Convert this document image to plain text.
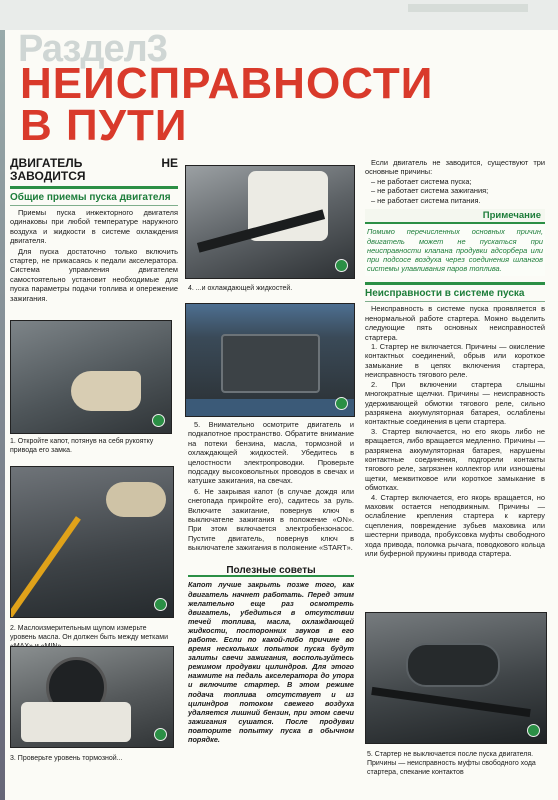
Раздел3
НЕИСПРАВНОСТИ
В ПУТИ
ДВИГАТЕЛЬ НЕ ЗАВОДИТСЯ
Общие приемы пуска двигателя
Приемы пуска инжекторного двигателя одинаковы при любой температуре наружного воздуха и жидкости в системе охлаждения двигателя.
Для пуска достаточно только включить стартер, не прикасаясь к педали акселератора. Система управления двигателем самостоятельно установит необходимые для пуска параметры подачи топлива и опережение зажигания.
1. Откройте капот, потянув на себя рукоятку привода его замка.
2. Маслоизмерительным щупом измерьте уровень масла. Он должен быть между метками
3. Проверьте уровень тормозной...
4. ...и охлаждающей жидкостей.
5. Внимательно осмотрите двигатель и подкапотное пространство. Обратите внимание на потеки бензина, масла, тормозной и охлаждающей жидкостей. Убедитесь в целостности электропроводки. Проверьте подсадку высоковольтных проводов в свечах и катушке зажигания, на свечах.
6. Не закрывая капот (в случае дождя или снегопада прикройте его), садитесь за руль. Включите зажигание, повернув ключ в выключателе зажигания в положение «ON». При этом включается электробензонасос. Пустите двигатель, повернув ключ в выключателе зажигания в положение «START».
Полезные советы
Капот лучше закрыть позже того, как двигатель начнет работать. Перед этим желательно еще раз осмотреть двигатель, убедиться в отсутствии течей топлива, масла, охлаждающей жидкости, посторонних звуков в его работе. Если по какой-либо причине во время нескольких попыток пуска будут залиты свечи зажигания, воспользуйтесь режимом продувки цилиндров. Для этого нажмите на педаль акселератора до упора и включите стартер. В этом режиме подача топлива отсутствует и из цилиндров потоком свежего воздуха удаляется лишний бензин, при этом свечи зажигания сушатся. После продувки повторите попытку пуска в обычном порядке.
Если двигатель не заводится, существуют три основные причины:
– не работает система пуска;
– не работает система зажигания;
– не работает система питания.
Примечание
Помимо перечисленных основных причин, двигатель может не пускаться при неисправности клапана продувки адсорбера или при подсосе воздуха через соединения шлангов системы улавливания паров топлива.
Неисправности в системе пуска
Неисправность в системе пуска проявляется в ненормальной работе стартера. Можно выделить следующие пять основных неисправностей стартера.
1. Стартер не включается. Причины — окисление контактных соединений, обрыв или короткое замыкание в цепях включения стартера, неисправность тягового реле.
2. При включении стартера слышны многократные щелчки. Причины — неисправность удерживающей обмотки тягового реле, сильно разряжена аккумуляторная батарея, ослаблены контактные соединения в цепи стартера.
3. Стартер включается, но его якорь либо не вращается, либо вращается медленно. Причины — разряжена аккумуляторная батарея, нарушены контактные соединения, подгорели контакты тягового реле, загрязнен коллектор или изношены щетки, межвитковое или короткое замыкание в обмотках.
4. Стартер включается, его якорь вращается, но маховик остается неподвижным. Причины — ослабление крепления стартера к картеру сцепления, повреждение зубьев маховика или шестерни привода, пробуксовка муфты свободного хода привода, поломка рычага, поводкового кольца или буферной пружины привода стартера.
5. Стартер не выключается после пуска двигателя. Причины — неисправность муфты свободного хода стартера, спекание контактов
